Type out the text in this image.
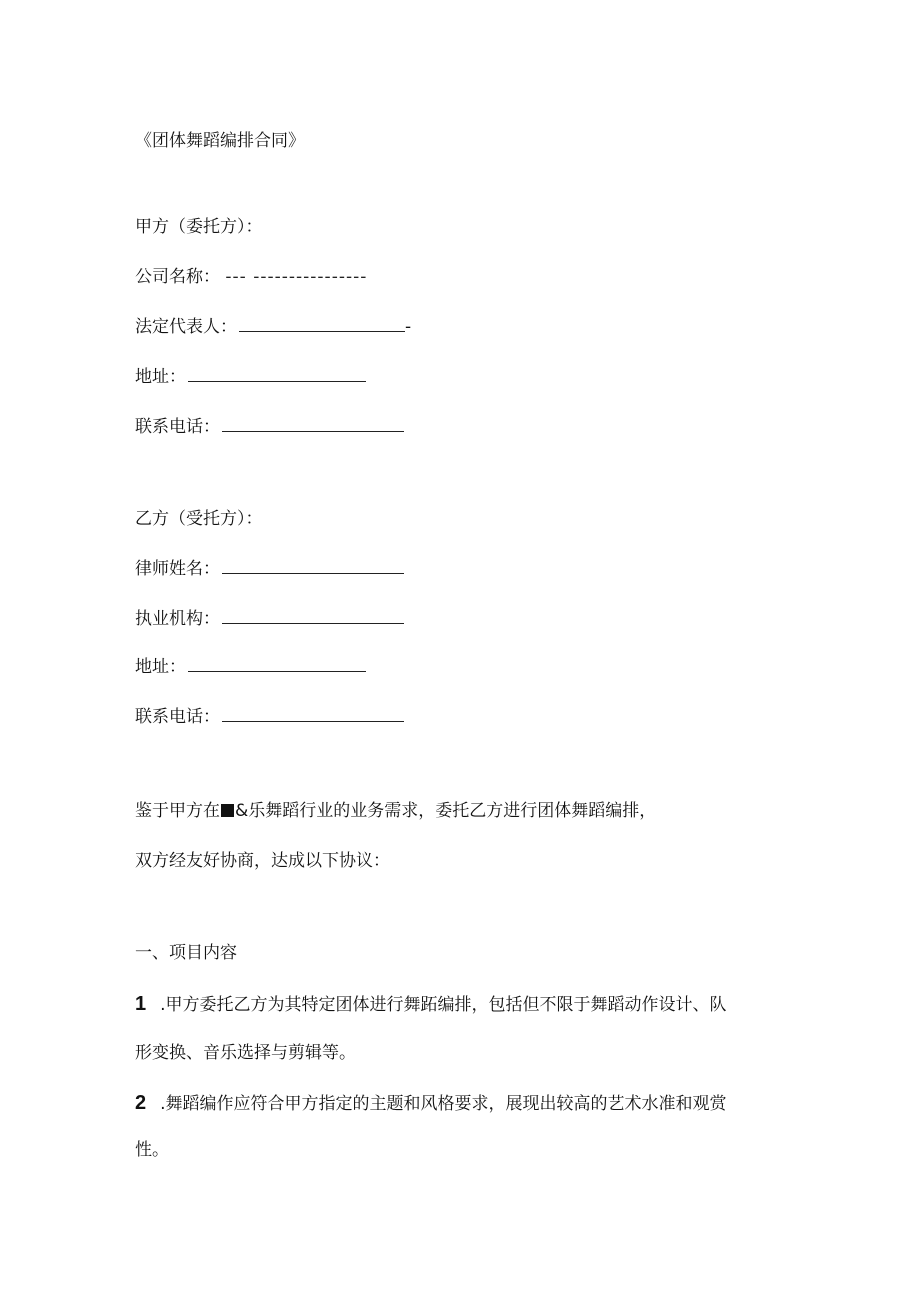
《团体舞蹈编排合同》
甲方（委托方）：
公司名称： --- ----------------
法定代表人：	-
地址：
联系电话：
乙方（受托方）：
律师姓名：
执业机构：
地址：
联系电话：
鉴于甲方在 &乐舞蹈行业的业务需求，委托乙方进行团体舞蹈编排，
双方经友好协商，达成以下协议：
一、项目内容
1 .甲方委托乙方为其特定团体进行舞跖编排，包括但不限于舞蹈动作设计、队
形变换、音乐选择与剪辑等。
2 .舞蹈编作应符合甲方指定的主题和风格要求，展现出较高的艺术水准和观赏
性。
